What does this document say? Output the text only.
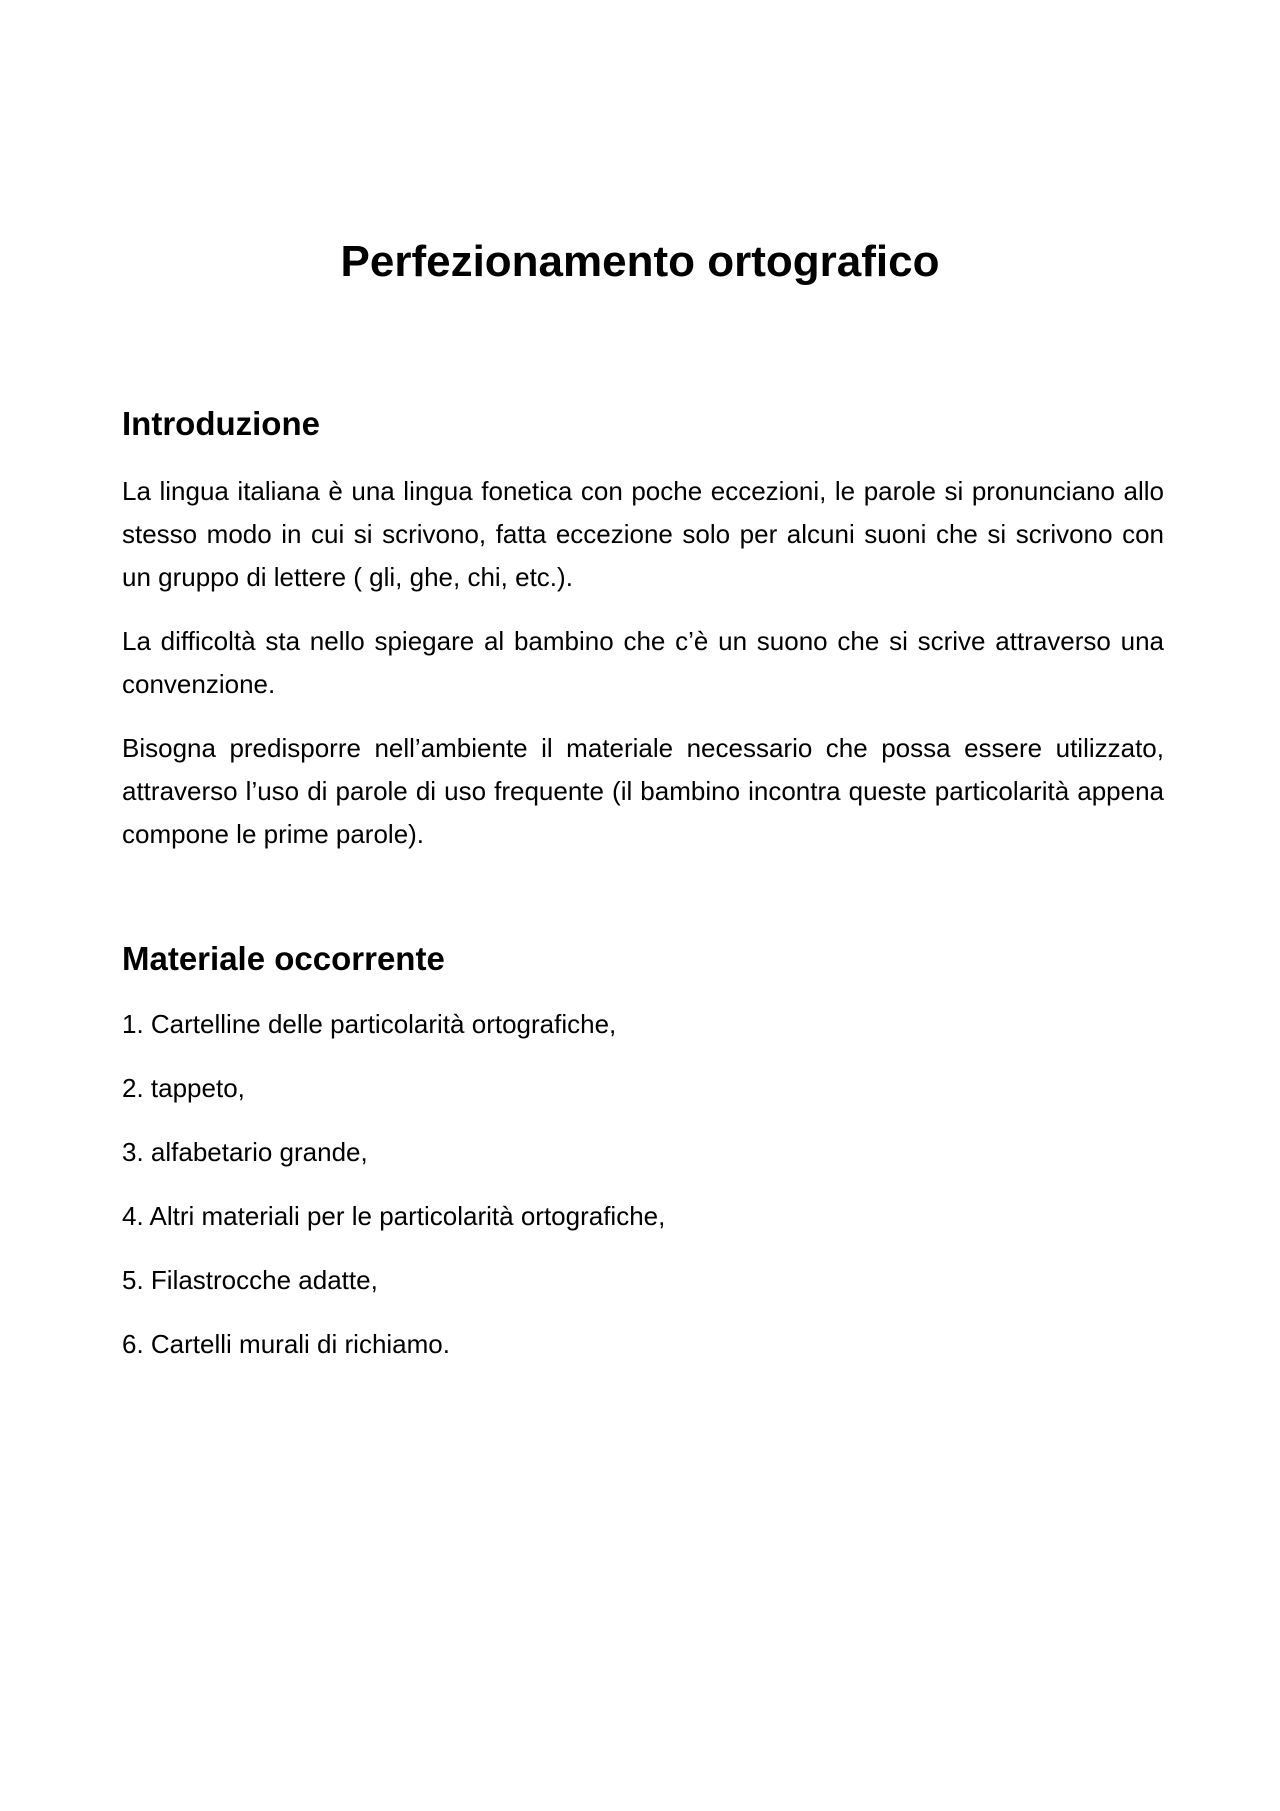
Perfezionamento ortografico
Introduzione

La lingua italiana è una lingua fonetica con poche eccezioni, le parole si pronunciano allo stesso modo in cui si scrivono, fatta eccezione solo per alcuni suoni che si scrivono con un gruppo di lettere ( gli, ghe, chi, etc.).

La difficoltà sta nello spiegare al bambino che c’è un suono che si scrive attraverso una convenzione.

Bisogna predisporre nell’ambiente il materiale necessario che possa essere utilizzato, attraverso l’uso di parole di uso frequente (il bambino incontra queste particolarità appena compone le prime parole).

Materiale occorrente
1. Cartelline delle particolarità ortografiche,
2. tappeto,
3. alfabetario grande,
4. Altri materiali per le particolarità ortografiche,
5. Filastrocche adatte,
6. Cartelli murali di richiamo.
